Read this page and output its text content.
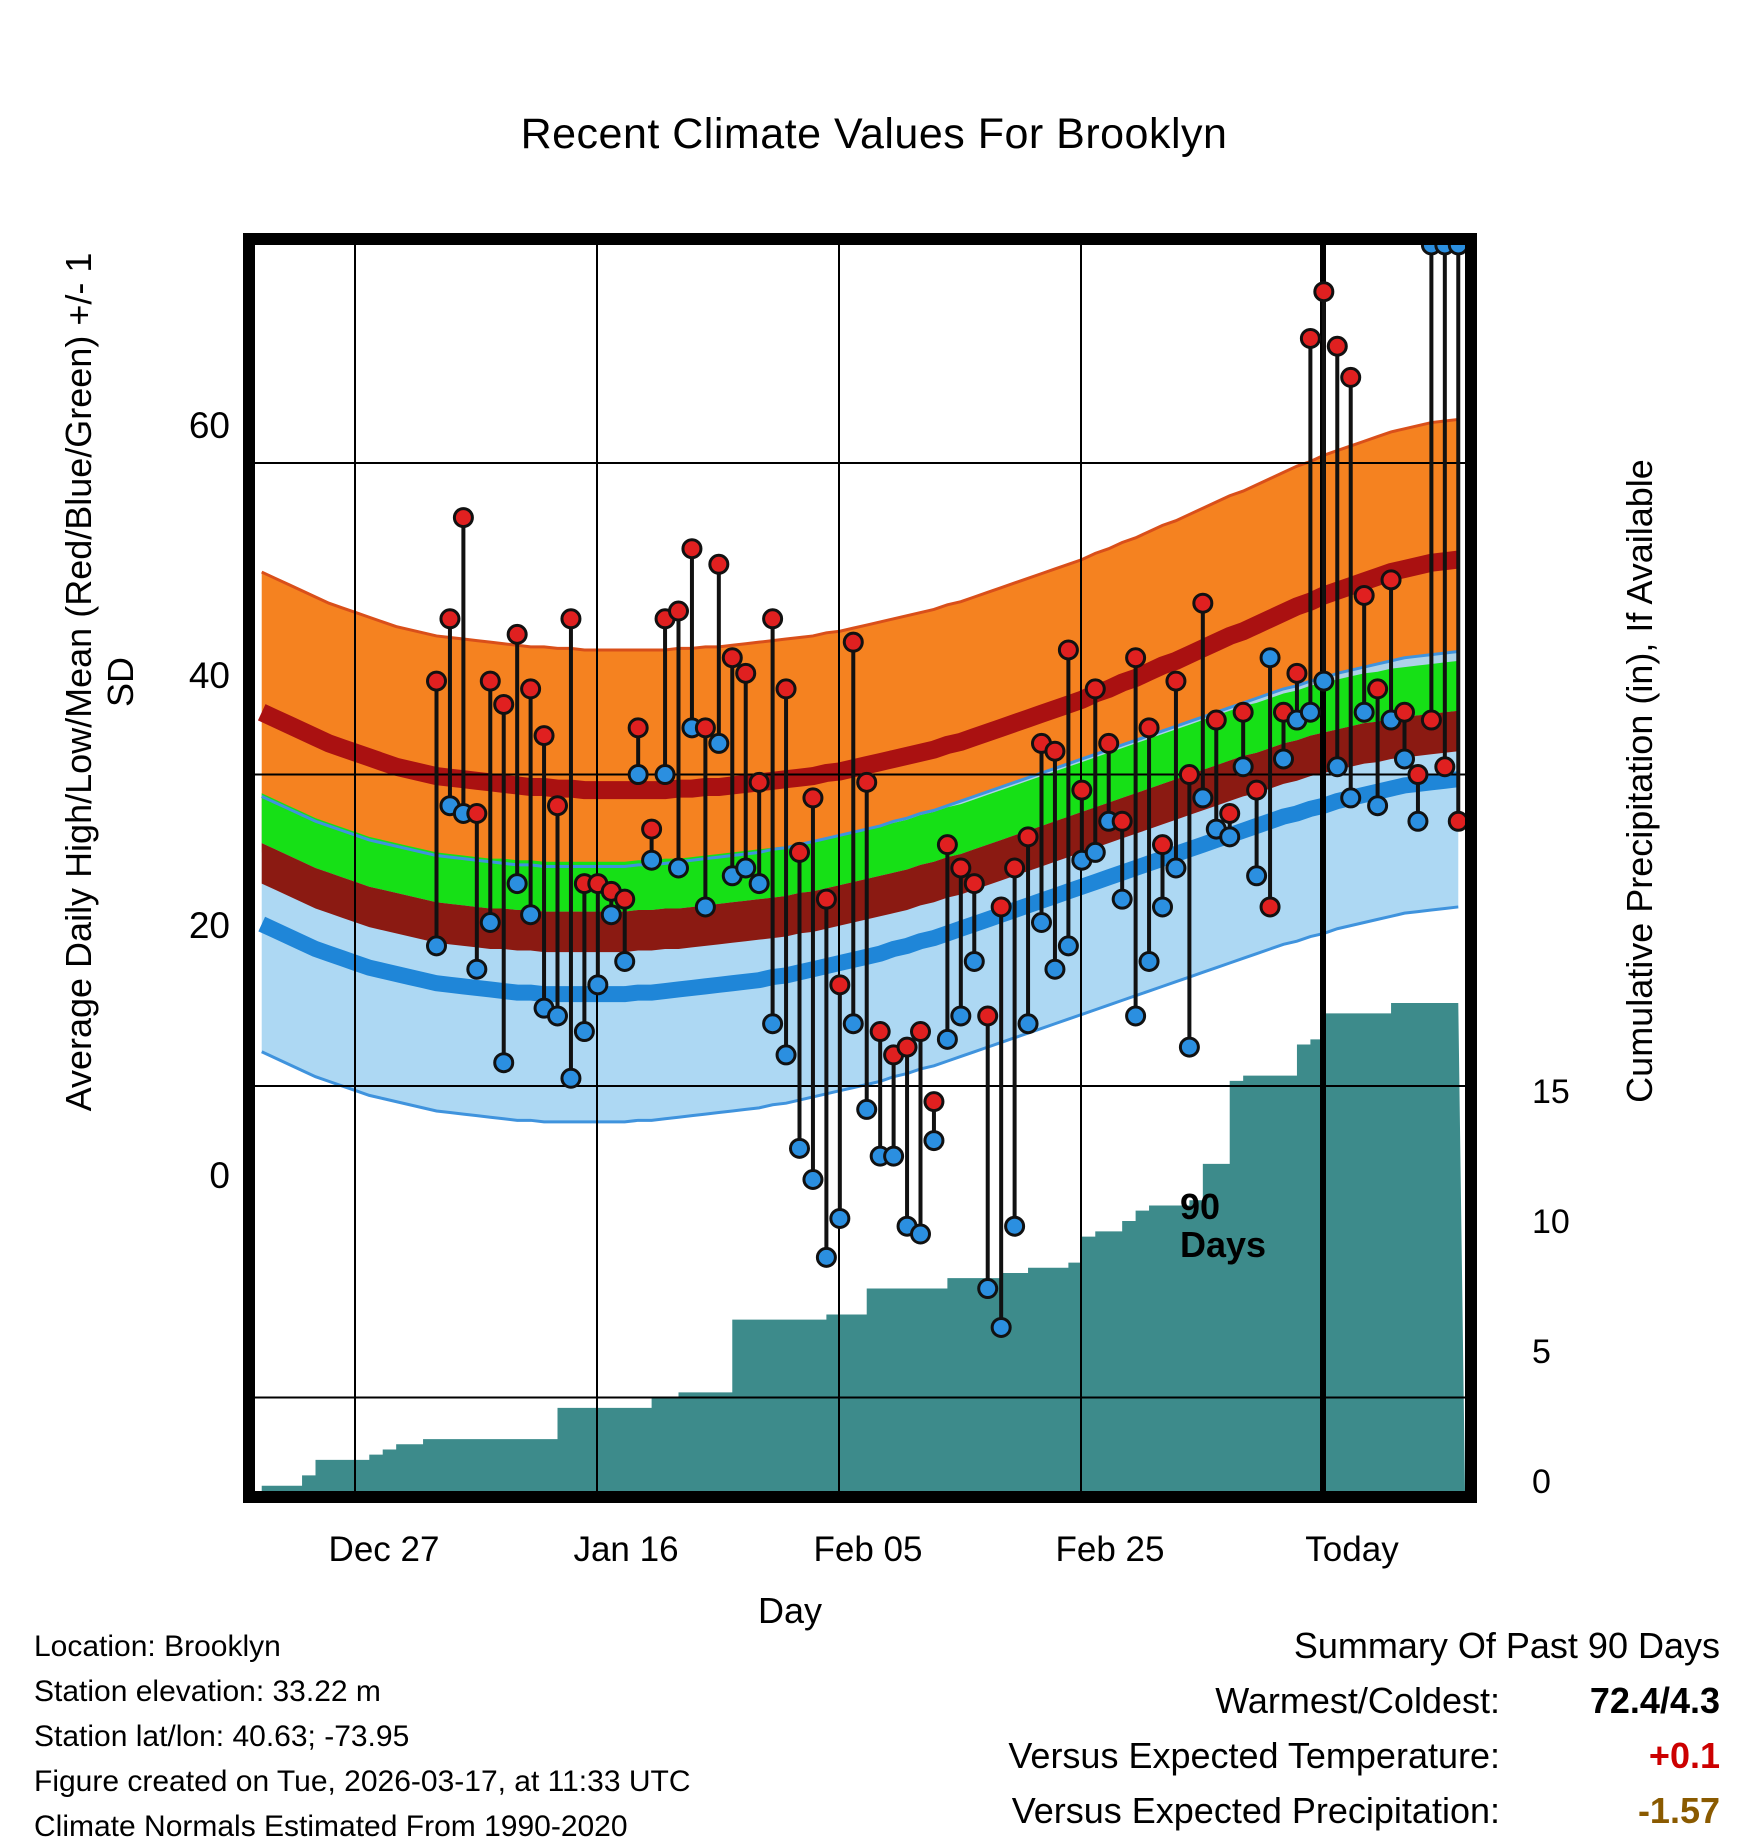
Recent Climate Values For Brooklyn
Average Daily High/Low/Mean (Red/Blue/Green) +/- 1 SD	Cumulative Precipitation (in), If Available
Day
60
40
20
0
15
10
5
0
Dec 27	Jan 16	Feb 05	Feb 25	Today
90
Days
Location: Brooklyn
Station elevation: 33.22 m
Station lat/lon: 40.63; -73.95
Figure created on Tue, 2026-03-17, at 11:33 UTC
Climate Normals Estimated From 1990-2020
Summary Of Past 90 Days
Warmest/Coldest:	72.4/4.3
Versus Expected Temperature:	+0.1
Versus Expected Precipitation:	-1.57
